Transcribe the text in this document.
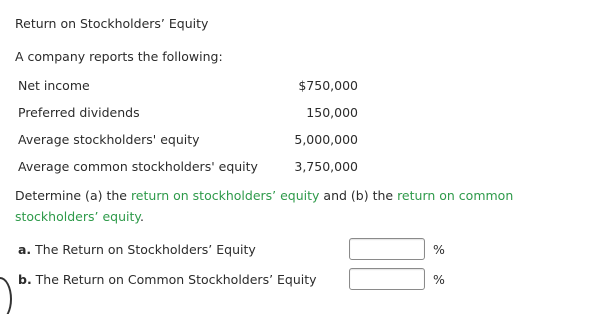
Return on Stockholders’ Equity
A company reports the following:
Net income	$750,000
Preferred dividends	150,000
Average stockholders' equity	5,000,000
Average common stockholders' equity	3,750,000
Determine (a) the return on stockholders’ equity and (b) the return on common stockholders’ equity.
a. The Return on Stockholders’ Equity	%
b. The Return on Common Stockholders’ Equity	%
